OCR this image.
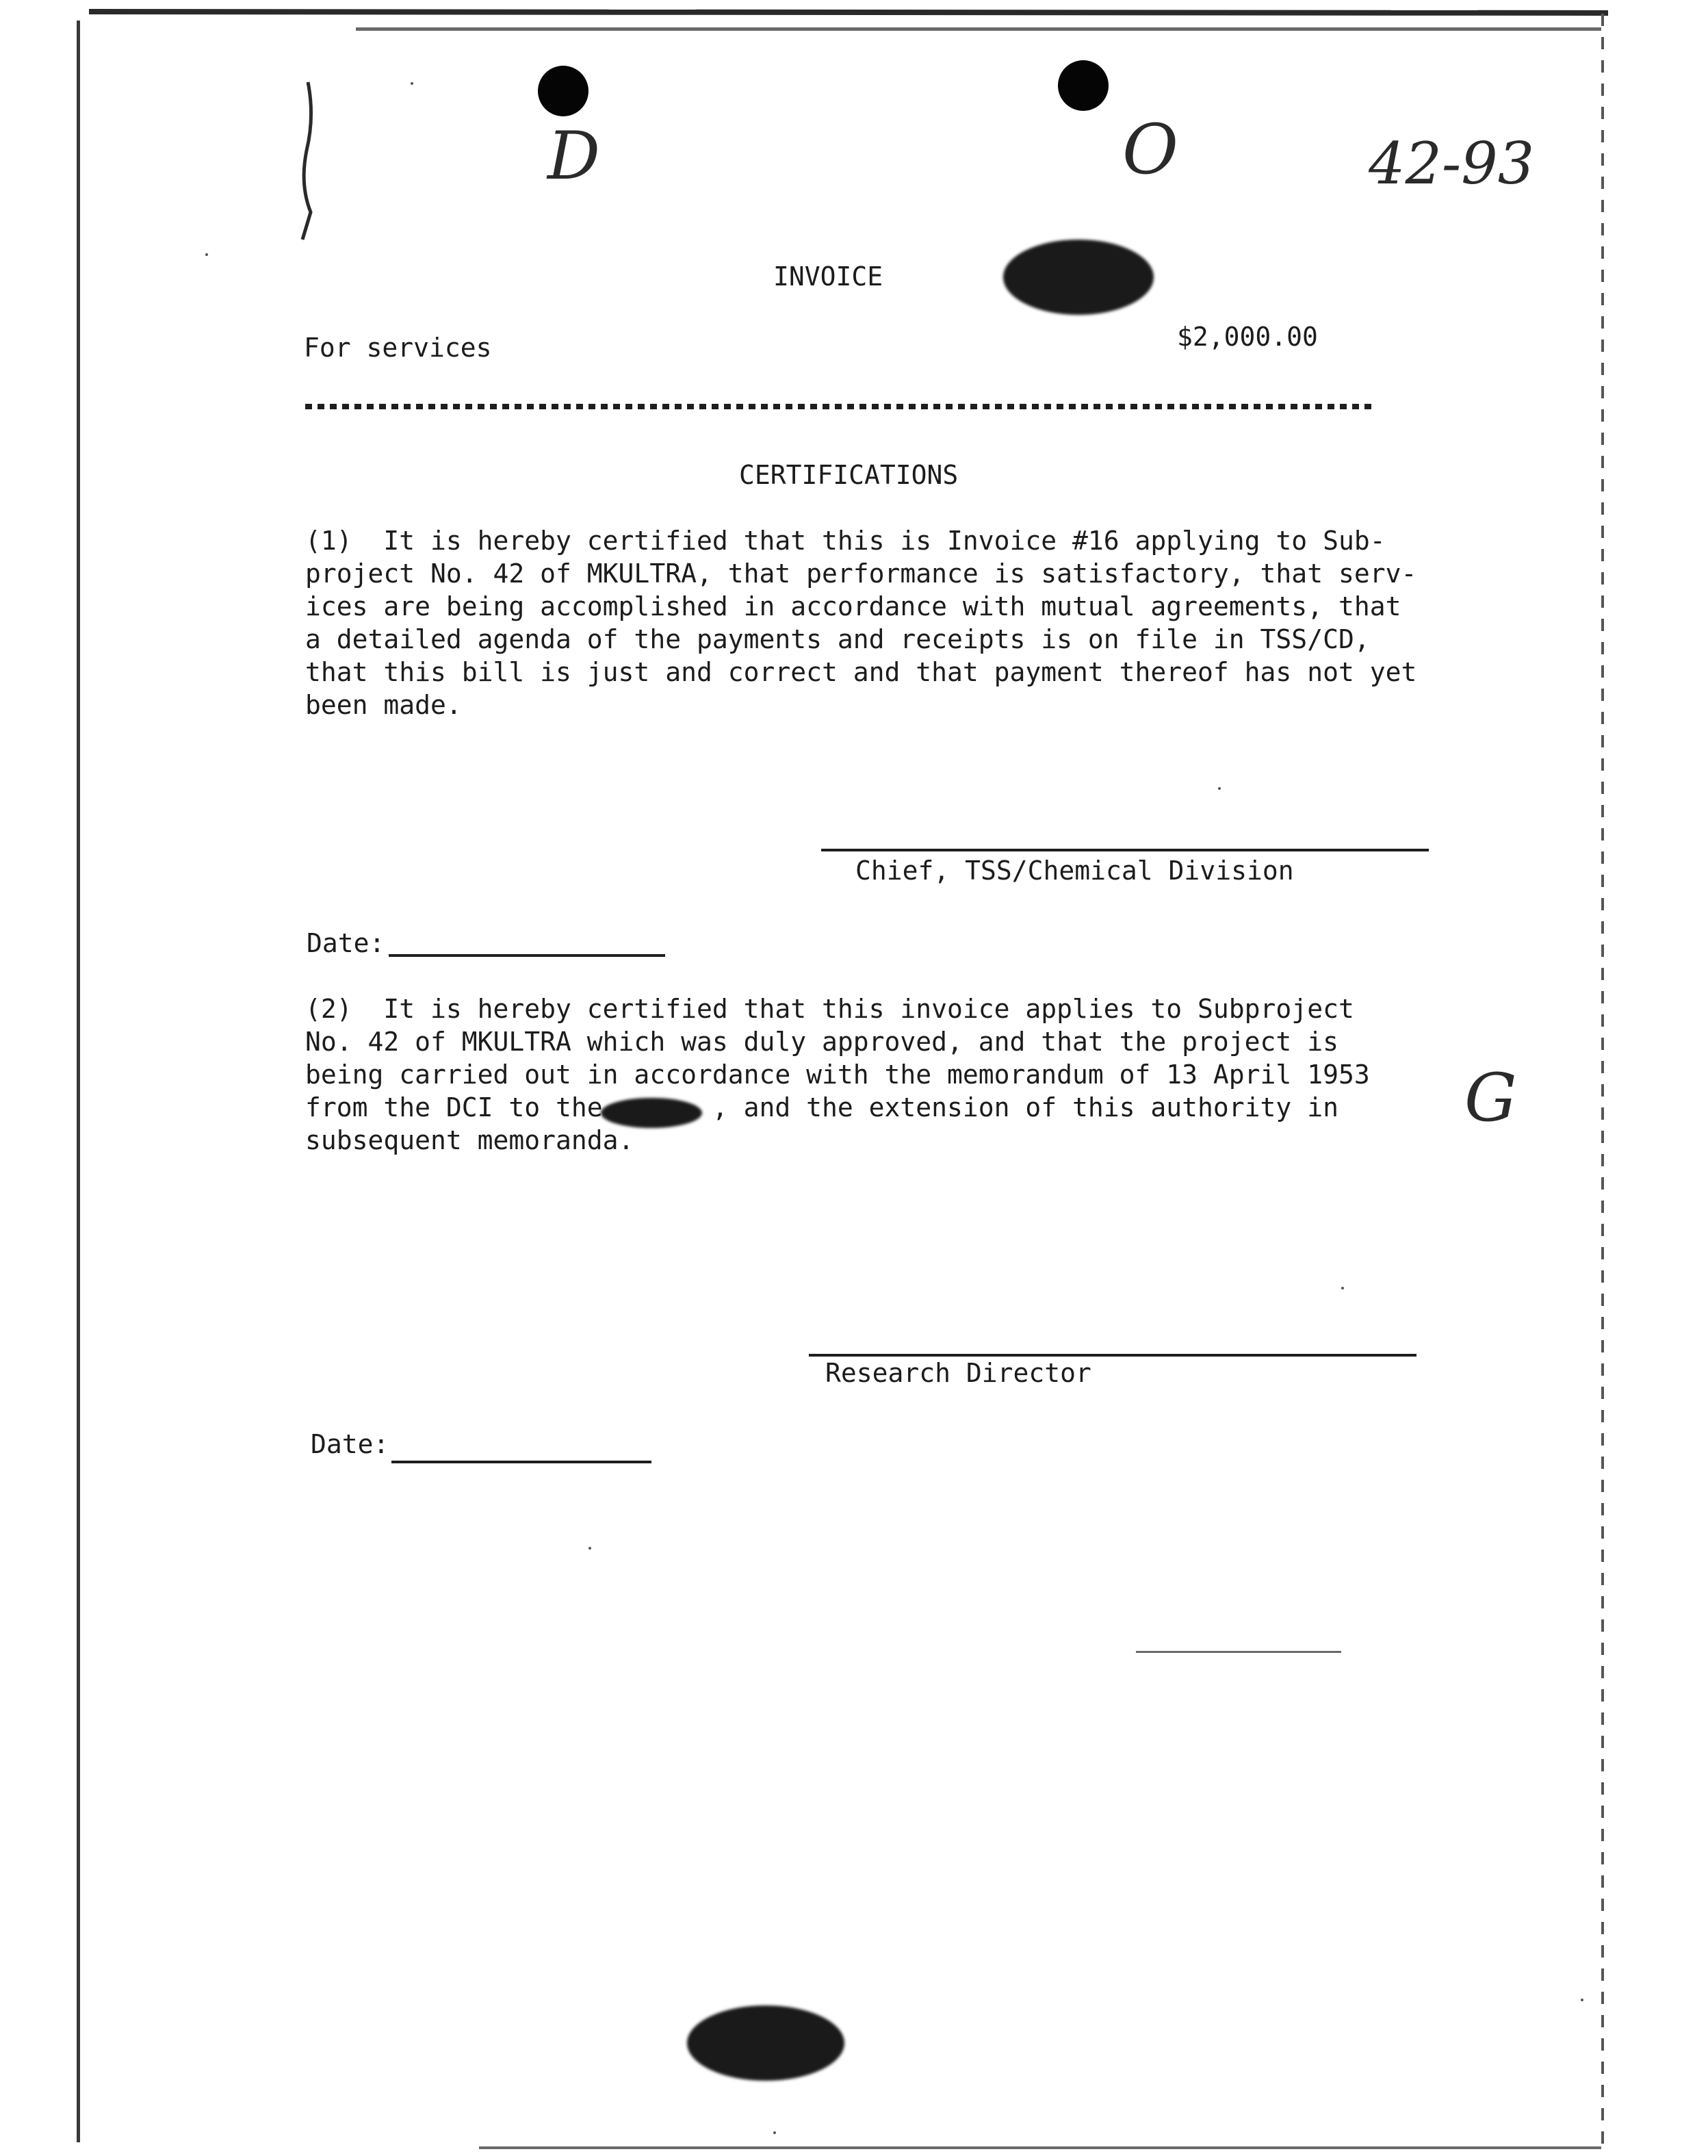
D	O	42-93
G
INVOICE
For services	$2,000.00
CERTIFICATIONS
(1)  It is hereby certified that this is Invoice #16 applying to Sub-
project No. 42 of MKULTRA, that performance is satisfactory, that serv-
ices are being accomplished in accordance with mutual agreements, that
a detailed agenda of the payments and receipts is on file in TSS/CD,
that this bill is just and correct and that payment thereof has not yet
been made.
Chief, TSS/Chemical Division
Date:
(2)  It is hereby certified that this invoice applies to Subproject
No. 42 of MKULTRA which was duly approved, and that the project is
being carried out in accordance with the memorandum of 13 April 1953
from the DCI to the       , and the extension of this authority in
subsequent memoranda.
Research Director
Date:
